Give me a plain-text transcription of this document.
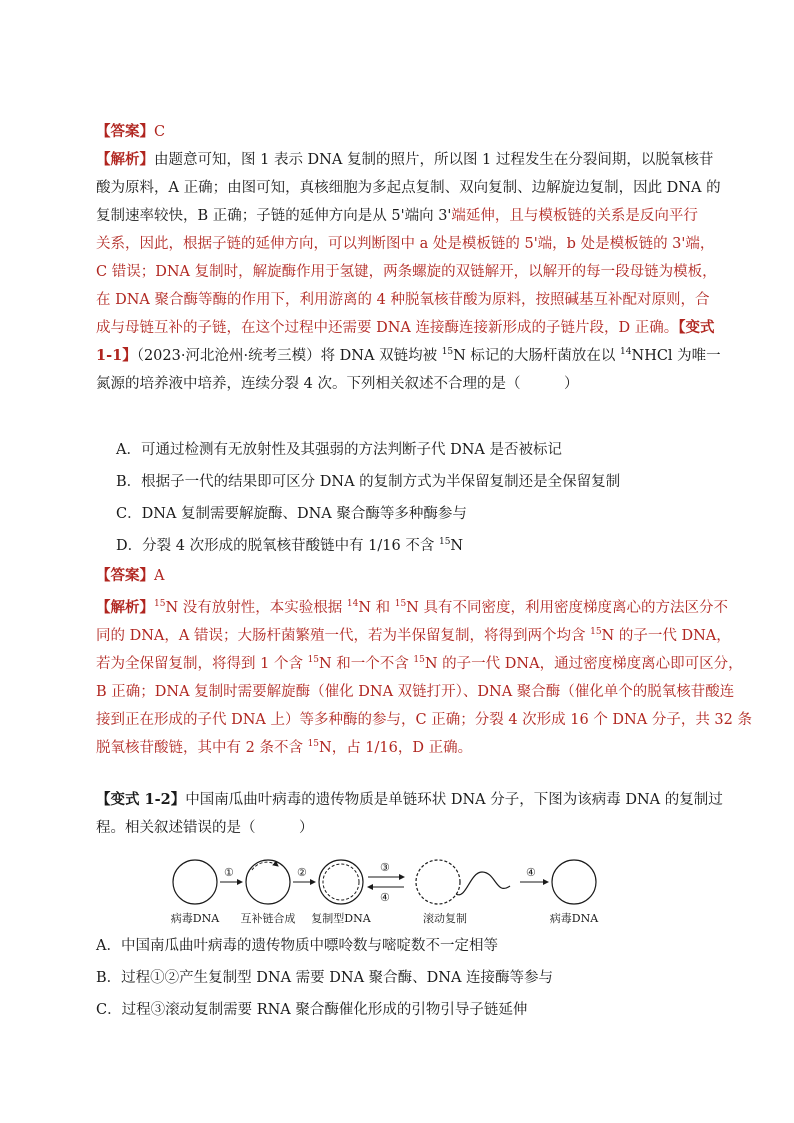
【答案】C

【解析】由题意可知，图 1 表示 DNA 复制的照片，所以图 1 过程发生在分裂间期，以脱氧核苷
酸为原料，A 正确；由图可知，真核细胞为多起点复制、双向复制、边解旋边复制，因此 DNA 的
复制速率较快，B 正确；子链的延伸方向是从 5'端向 3'端延伸，且与模板链的关系是反向平行
关系，因此，根据子链的延伸方向，可以判断图中 a 处是模板链的 5'端，b 处是模板链的 3'端，
C 错误；DNA 复制时，解旋酶作用于氢键，两条螺旋的双链解开，以解开的每一段母链为模板，
在 DNA 聚合酶等酶的作用下，利用游离的 4 种脱氧核苷酸为原料，按照碱基互补配对原则，合
成与母链互补的子链，在这个过程中还需要 DNA 连接酶连接新形成的子链片段，D 正确。【变式
1-1】（2023·河北沧州·统考三模）将 DNA 双链均被 $^{15}$N 标记的大肠杆菌放在以 $^{14}$NHCl 为唯一
氮源的培养液中培养，连续分裂 4 次。下列相关叙述不合理的是（　　　）

A．可通过检测有无放射性及其强弱的方法判断子代 DNA 是否被标记

B．根据子一代的结果即可区分 DNA 的复制方式为半保留复制还是全保留复制

C．DNA 复制需要解旋酶、DNA 聚合酶等多种酶参与

D．分裂 4 次形成的脱氧核苷酸链中有 1/16 不含 $^{15}$N

【答案】A

【解析】$^{15}$N 没有放射性，本实验根据 $^{14}$N 和 $^{15}$N 具有不同密度，利用密度梯度离心的方法区分不
同的 DNA，A 错误；大肠杆菌繁殖一代，若为半保留复制，将得到两个均含 $^{15}$N 的子一代 DNA，
若为全保留复制，将得到 1 个含 $^{15}$N 和一个不含 $^{15}$N 的子一代 DNA，通过密度梯度离心即可区分，
B 正确；DNA 复制时需要解旋酶（催化 DNA 双链打开）、DNA 聚合酶（催化单个的脱氧核苷酸连
接到正在形成的子代 DNA 上）等多种酶的参与，C 正确；分裂 4 次形成 16 个 DNA 分子，共 32 条
脱氧核苷酸链，其中有 2 条不含 $^{15}$N，占 1/16，D 正确。
【变式 1-2】中国南瓜曲叶病毒的遗传物质是单链环状 DNA 分子，下图为该病毒 DNA 的复制过
程。相关叙述错误的是（　　　）
①	②	③
④
④
病毒DNA 互补链合成 复制型DNA	滚动复制	病毒DNA

A．中国南瓜曲叶病毒的遗传物质中嘌呤数与嘧啶数不一定相等

B．过程①②产生复制型 DNA 需要 DNA 聚合酶、DNA 连接酶等参与

C．过程③滚动复制需要 RNA 聚合酶催化形成的引物引导子链延伸
